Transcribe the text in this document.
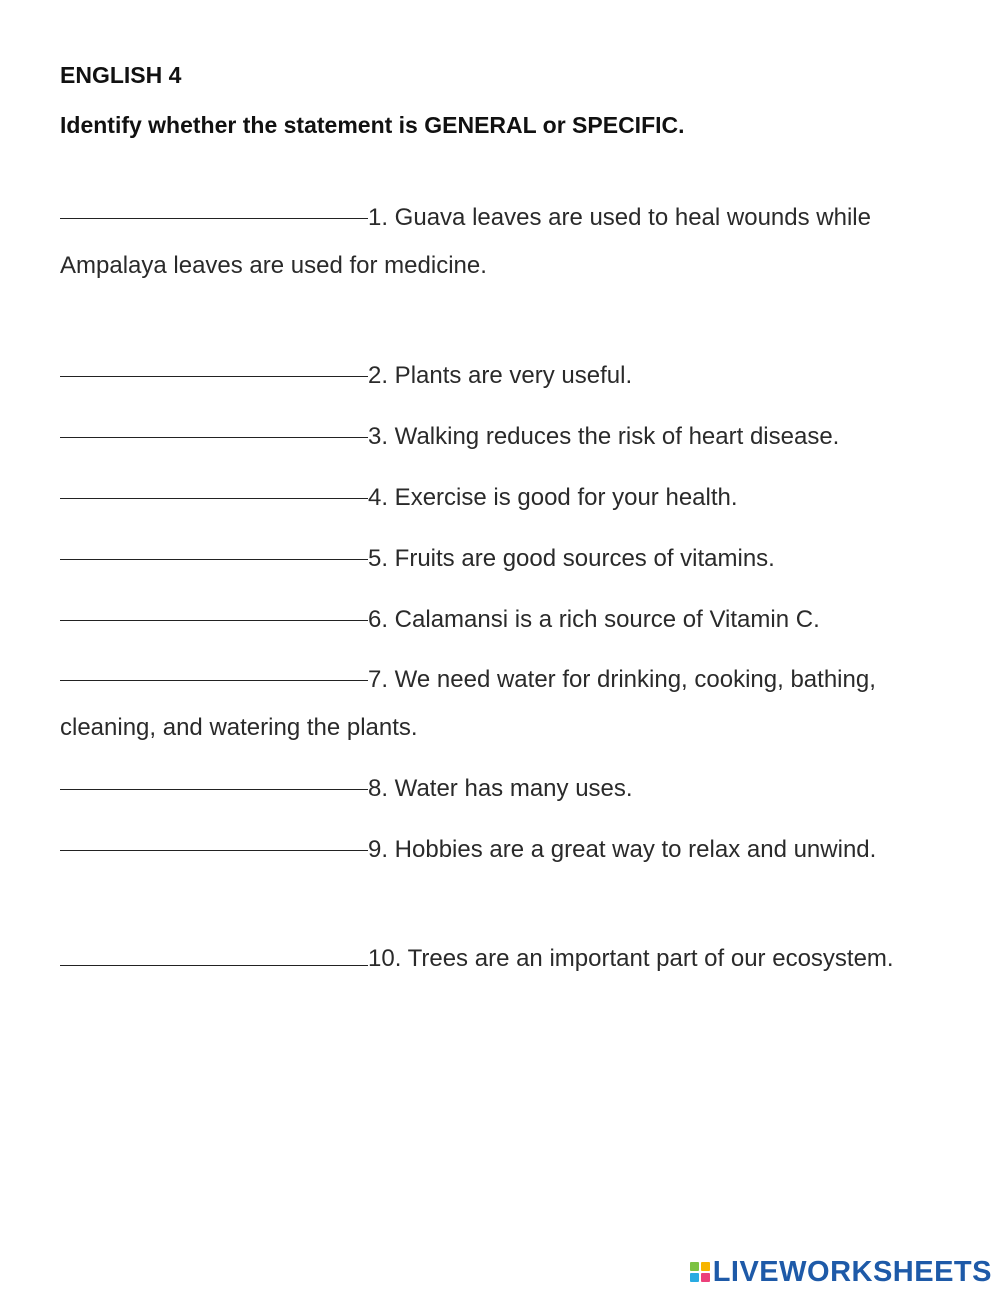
ENGLISH 4
Identify whether the statement is GENERAL or SPECIFIC.
1. Guava leaves are used to heal wounds while Ampalaya leaves are used for medicine.
2. Plants are very useful.
3. Walking reduces the risk of heart disease.
4. Exercise is good for your health.
5. Fruits are good sources of vitamins.
6. Calamansi is a rich source of Vitamin C.
7. We need water for drinking, cooking, bathing, cleaning, and watering the plants.
8. Water has many uses.
9. Hobbies are a great way to relax and unwind.
10. Trees are an important part of our ecosystem.
LIVEWORKSHEETS
